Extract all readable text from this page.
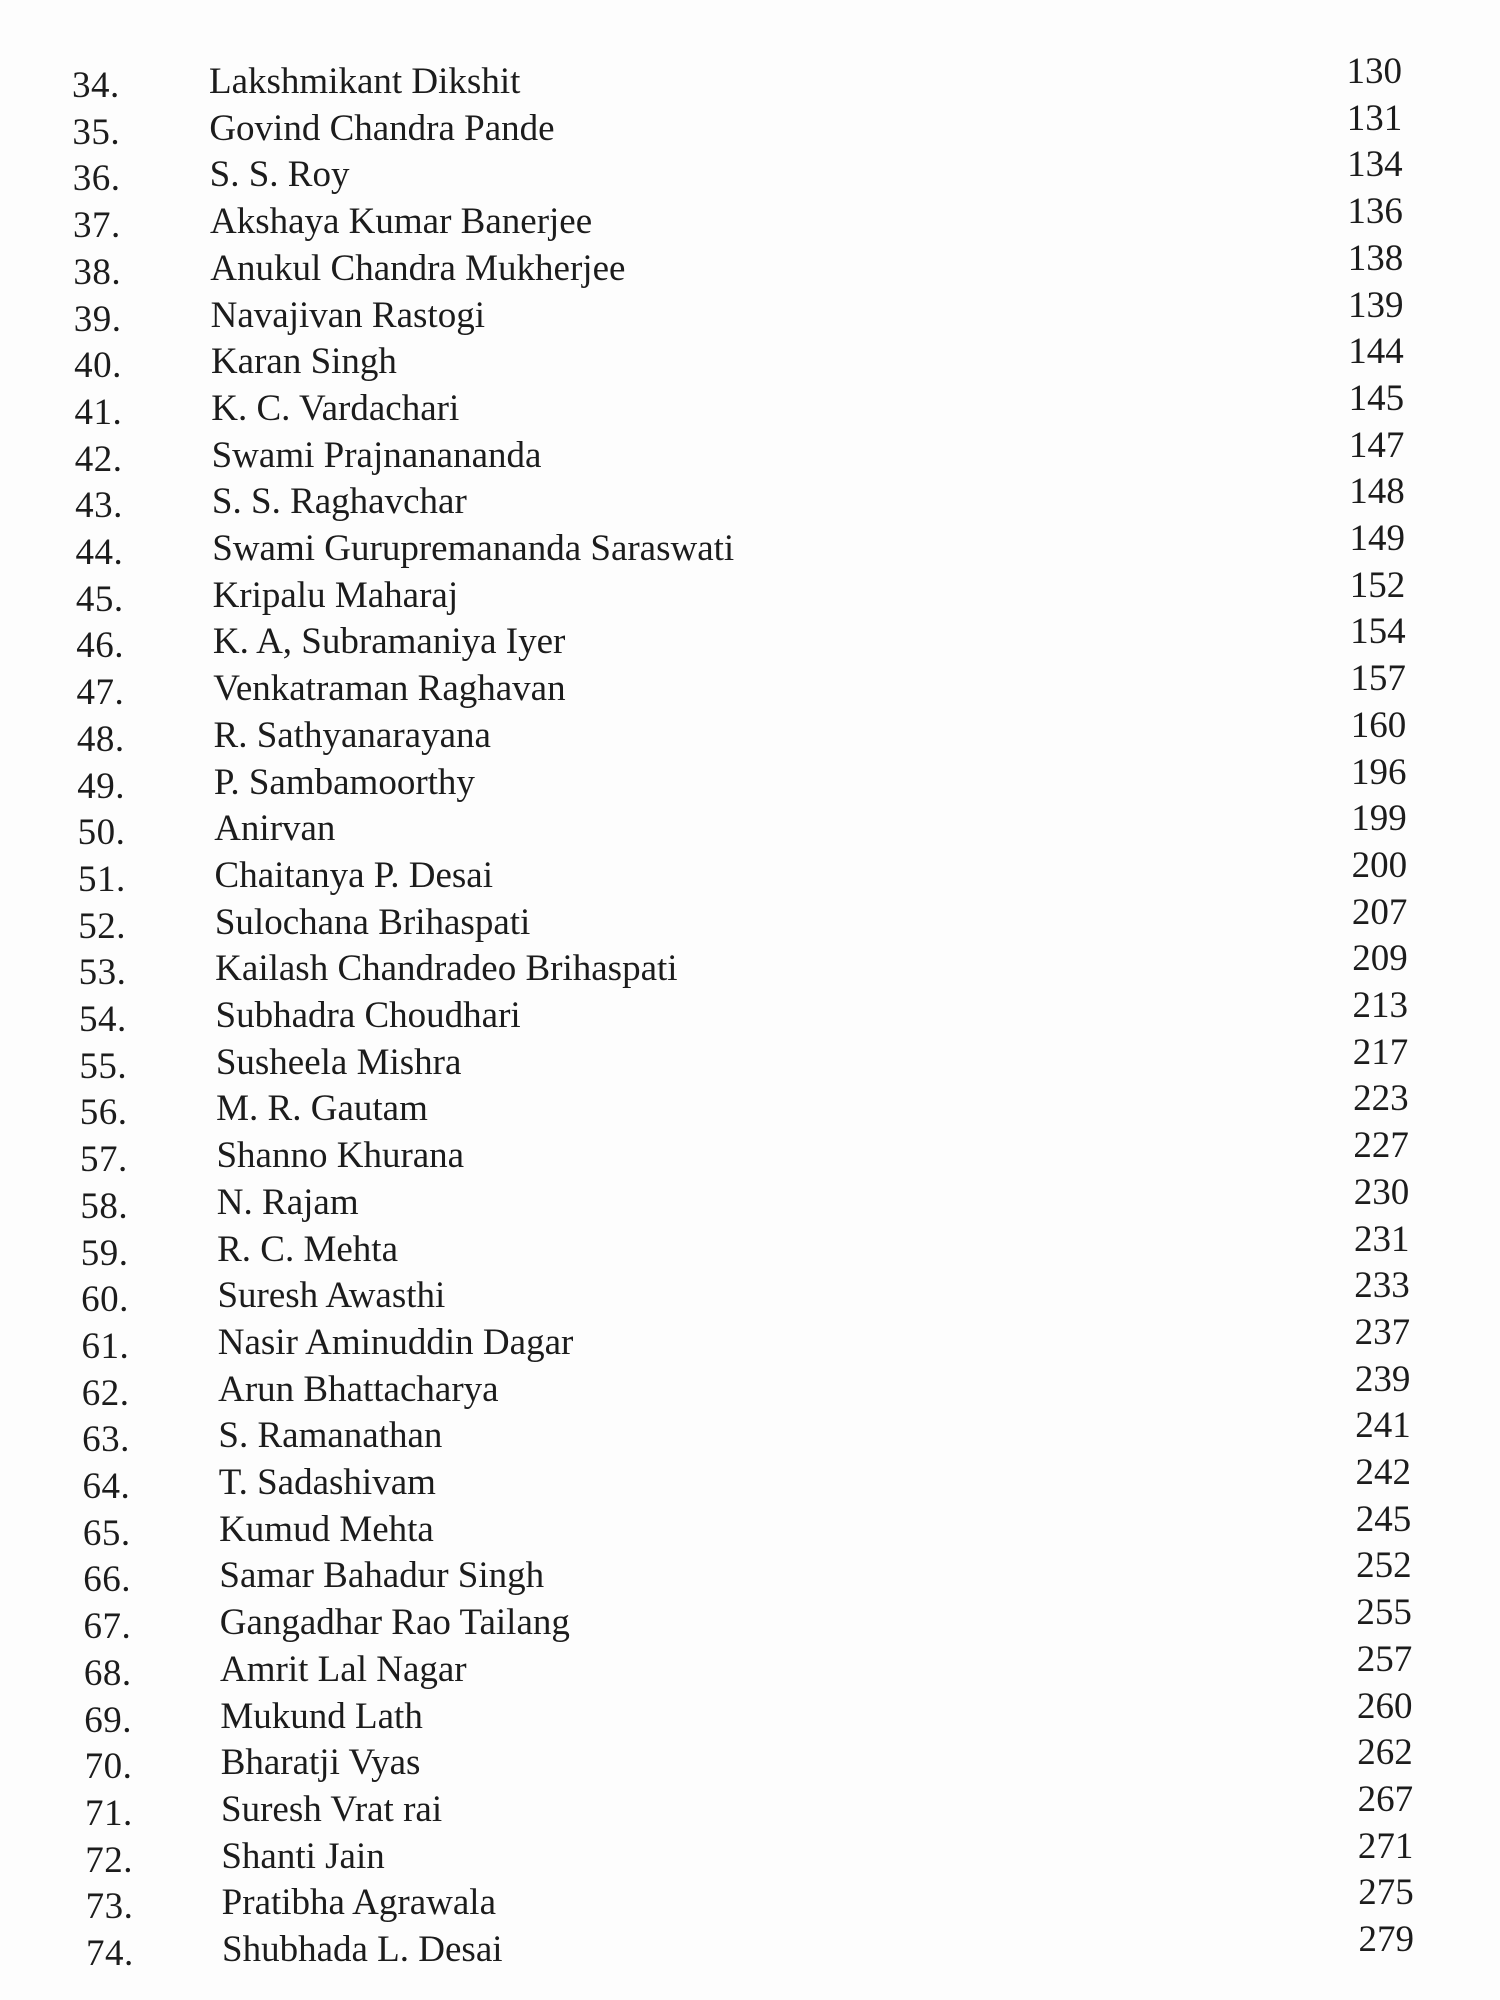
34. Lakshmikant Dikshit	130
35. Govind Chandra Pande	131
36. S. S. Roy	134
37. Akshaya Kumar Banerjee	136
38. Anukul Chandra Mukherjee	138
39. Navajivan Rastogi	139
40. Karan Singh	144
41. K. C. Vardachari	145
42. Swami Prajnanananda	147
43. S. S. Raghavchar	148
44. Swami Gurupremananda Saraswati	149
45. Kripalu Maharaj	152
46. K. A, Subramaniya Iyer	154
47. Venkatraman Raghavan	157
48. R. Sathyanarayana	160
49. P. Sambamoorthy	196
50. Anirvan	199
51. Chaitanya P. Desai	200
52. Sulochana Brihaspati	207
53. Kailash Chandradeo Brihaspati	209
54. Subhadra Choudhari	213
55. Susheela Mishra	217
56. M. R. Gautam	223
57. Shanno Khurana	227
58. N. Rajam	230
59. R. C. Mehta	231
60. Suresh Awasthi	233
61. Nasir Aminuddin Dagar	237
62. Arun Bhattacharya	239
63. S. Ramanathan	241
64. T. Sadashivam	242
65. Kumud Mehta	245
66. Samar Bahadur Singh	252
67. Gangadhar Rao Tailang	255
68. Amrit Lal Nagar	257
69. Mukund Lath	260
70. Bharatji Vyas	262
71. Suresh Vrat rai	267
72. Shanti Jain	271
73. Pratibha Agrawala	275
74. Shubhada L. Desai	279
